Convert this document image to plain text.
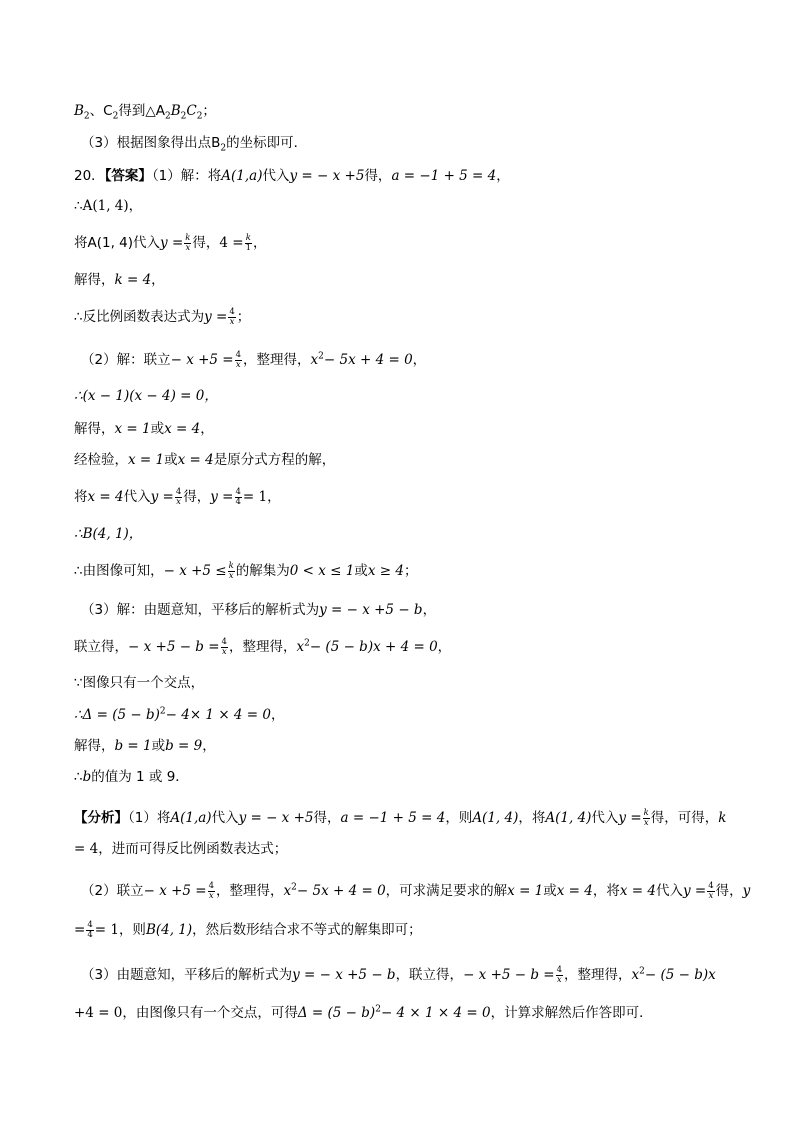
$B_2$、$C_2$得到$\triangle A_2B_2C_2$；
（3）根据图象得出点$B_2$的坐标即可．
20．【答案】（1）解：将A(1,a)代入y = − x +5得，a = −1 + 5 = 4，
∴A(1, 4)，
将A(1, 4)代入$y = \frac{k}{x}$ 得，$4 = \frac{k}{1}$ ，
解得，k = 4，
∴反比例函数表达式为$y = \frac{4}{x}$ ；
（2）解：联立− $x +5 = \frac{4}{x}$ ，整理得，$x^2- 5x + 4 = 0$，
∴(x − 1)(x − 4) = 0，
解得，x = 1或x = 4，
经检验，x = 1或x = 4是原分式方程的解，
将x = 4代入$y = \frac{4}{x}$ 得，$y = \frac{4}{4} = 1$，
∴B(4, 1)，
∴由图像可知，− $x +5 \le \frac{k}{x}$ 的解集为0 < x ≤ 1或x ≥ 4；
（3）解：由题意知，平移后的解析式为y = − x +5 − b，
联立得，− $x +5 - b = \frac{4}{x}$ ，整理得，$x^2- (5 - b)x + 4 = 0$，
∵图像只有一个交点，
∴Δ = $(5 - b)^2- 4\times 1 \times 4 = 0$，
解得，b = 1或b = 9，
∴b的值为 1 或 9．
【分析】（1）将A(1,a)代入y = − x +5得，a = −1 + 5 = 4，则A(1, 4)，将A(1, 4)代入$y = \frac{k}{x}$ 得，可得，k
= 4，进而可得反比例函数表达式；
（2）联立− $x +5 = \frac{4}{x}$ ，整理得，$x^2- 5x + 4 = 0$，可求满足要求的解x = 1或x = 4，将x = 4代入$y = \frac{4}{x}$ 得，y
= $\frac{4}{4} = 1$，则B(4, 1)，然后数形结合求不等式的解集即可；
（3）由题意知，平移后的解析式为y = − x +5 − b，联立得，− $x +5 - b = \frac{4}{x}$ ，整理得，$x^2- (5 - b)x$
+4 = 0，由图像只有一个交点，可得$\Delta = (5 - b)^2- 4 \times 1 \times 4 = 0$，计算求解然后作答即可．
